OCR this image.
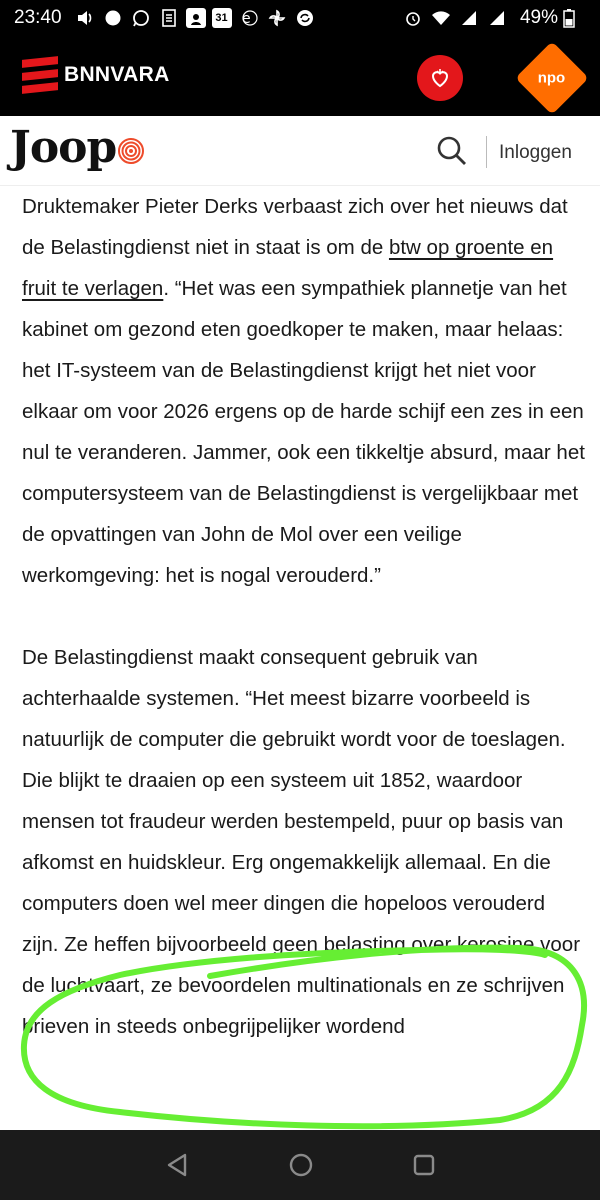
23:40	31 e	49%
BNNVARA	npo
Joop	Inloggen

Druktemaker Pieter Derks verbaast zich over het nieuws dat de Belastingdienst niet in staat is om de btw op groente en fruit te verlagen. “Het was een sympathiek plannetje van het kabinet om gezond eten goedkoper te maken, maar helaas: het IT-systeem van de Belastingdienst krijgt het niet voor elkaar om voor 2026 ergens op de harde schijf een zes in een nul te veranderen. Jammer, ook een tikkeltje absurd, maar het computersysteem van de Belastingdienst is vergelijkbaar met de opvattingen van John de Mol over een veilige werkomgeving: het is nogal verouderd.”

De Belastingdienst maakt consequent gebruik van achterhaalde systemen. “Het meest bizarre voorbeeld is natuurlijk de computer die gebruikt wordt voor de toeslagen. Die blijkt te draaien op een systeem uit 1852, waardoor mensen tot fraudeur werden bestempeld, puur op basis van afkomst en huidskleur. Erg ongemakkelijk allemaal. En die computers doen wel meer dingen die hopeloos verouderd zijn. Ze heffen bijvoorbeeld geen belasting over kerosine voor de luchtvaart, ze bevoordelen multinationals en ze schrijven brieven in steeds onbegrijpelijker wordend
